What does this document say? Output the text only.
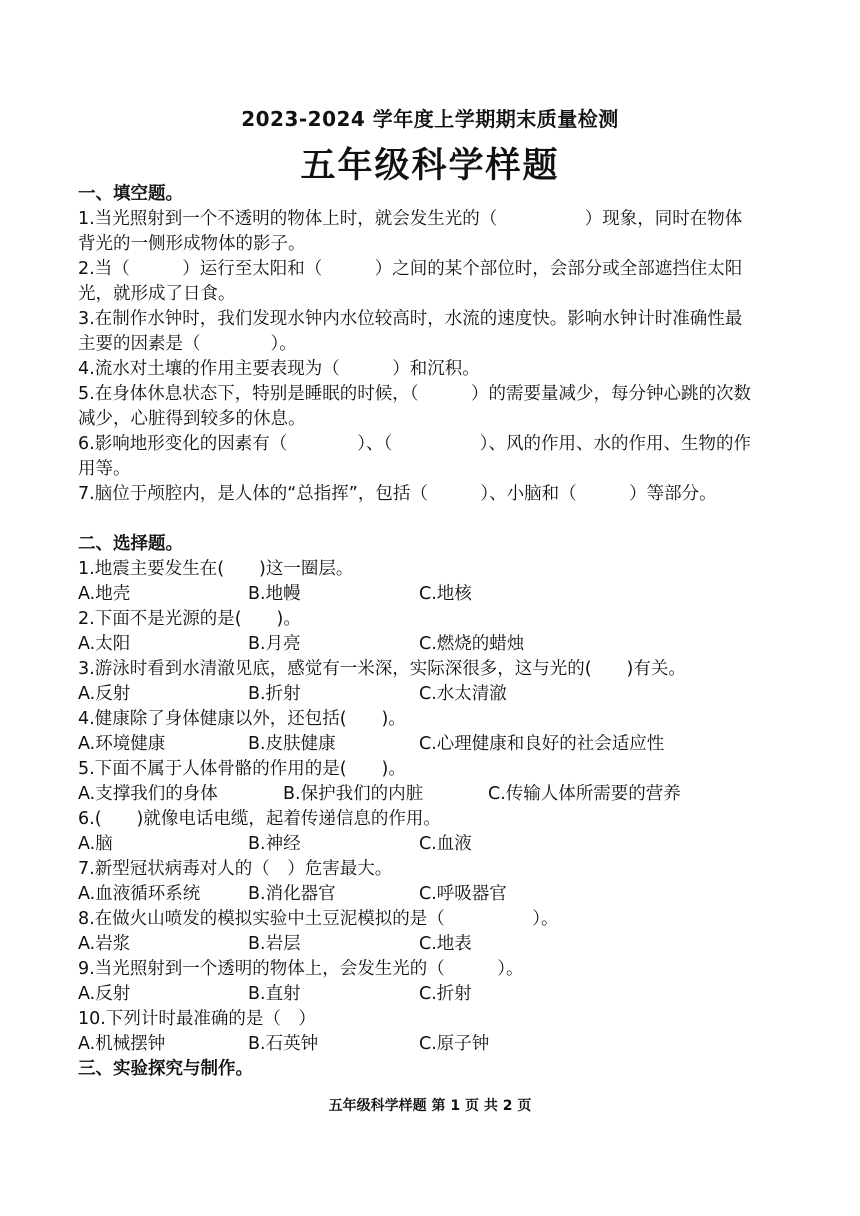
2023-2024 学年度上学期期末质量检测
五年级科学样题
一、填空题。
1.当光照射到一个不透明的物体上时，就会发生光的（　　　　　）现象，同时在物体背光的一侧形成物体的影子。
2.当（　　　）运行至太阳和（　　　）之间的某个部位时，会部分或全部遮挡住太阳光，就形成了日食。
3.在制作水钟时，我们发现水钟内水位较高时，水流的速度快。影响水钟计时准确性最主要的因素是（　　　　）。
4.流水对土壤的作用主要表现为（　　　）和沉积。
5.在身体休息状态下，特别是睡眠的时候，（　　　）的需要量减少，每分钟心跳的次数减少，心脏得到较多的休息。
6.影响地形变化的因素有（　　　　）、（　　　　　）、风的作用、水的作用、生物的作用等。
7.脑位于颅腔内，是人体的“总指挥”，包括（　　　）、小脑和（　　　）等部分。
二、选择题。
1.地震主要发生在(　　)这一圈层。
A.地壳	B.地幔	C.地核
2.下面不是光源的是(　　)。
A.太阳	B.月亮	C.燃烧的蜡烛
3.游泳时看到水清澈见底，感觉有一米深，实际深很多，这与光的(　　)有关。
A.反射	B.折射	C.水太清澈
4.健康除了身体健康以外，还包括(　　)。
A.环境健康	B.皮肤健康	C.心理健康和良好的社会适应性
5.下面不属于人体骨骼的作用的是(　　)。
A.支撑我们的身体	B.保护我们的内脏	C.传输人体所需要的营养
6.(　　)就像电话电缆，起着传递信息的作用。
A.脑	B.神经	C.血液
7.新型冠状病毒对人的（　）危害最大。
A.血液循环系统	B.消化器官	C.呼吸器官
8.在做火山喷发的模拟实验中土豆泥模拟的是（　　　　　）。
A.岩浆	B.岩层	C.地表
9.当光照射到一个透明的物体上，会发生光的（　　　）。
A.反射	B.直射	C.折射
10.下列计时最准确的是（　）
A.机械摆钟	B.石英钟	C.原子钟
三、实验探究与制作。
五年级科学样题 第 1 页 共 2 页
